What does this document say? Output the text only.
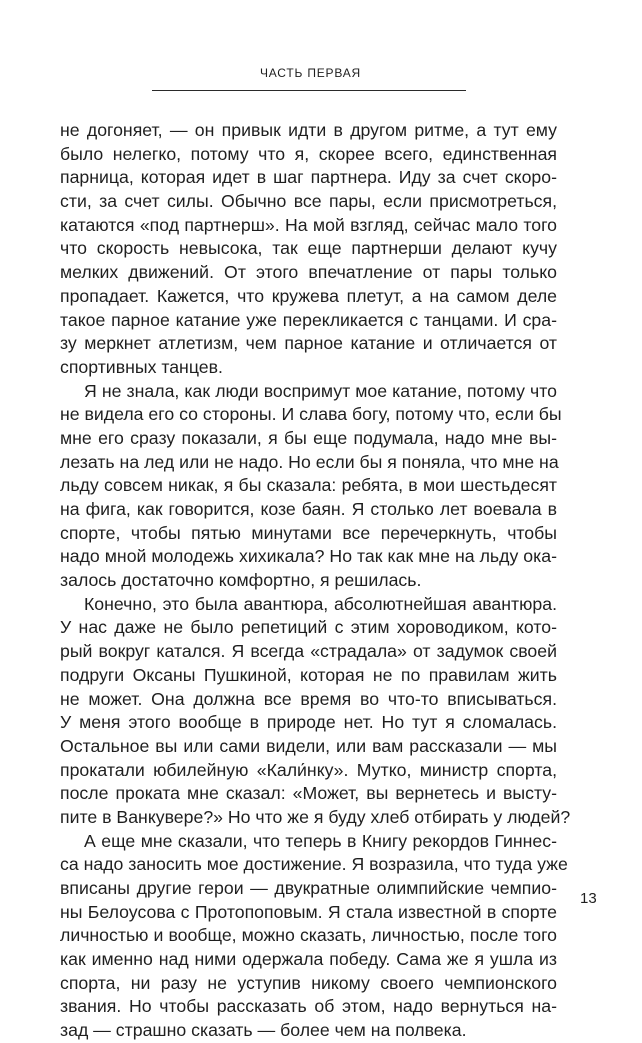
ЧАСТЬ ПЕРВАЯ
не догоняет, — он привык идти в другом ритме, а тут ему
было нелегко, потому что я, скорее всего, единственная
парница, которая идет в шаг партнера. Иду за счет скоро-
сти, за счет силы. Обычно все пары, если присмотреться,
катаются «под партнерш». На мой взгляд, сейчас мало того
что скорость невысока, так еще партнерши делают кучу
мелких движений. От этого впечатление от пары только
пропадает. Кажется, что кружева плетут, а на самом деле
такое парное катание уже перекликается с танцами. И сра-
зу меркнет атлетизм, чем парное катание и отличается от
спортивных танцев.
Я не знала, как люди воспримут мое катание, потому что
не видела его со стороны. И слава богу, потому что, если бы
мне его сразу показали, я бы еще подумала, надо мне вы-
лезать на лед или не надо. Но если бы я поняла, что мне на
льду совсем никак, я бы сказала: ребята, в мои шестьдесят
на фига, как говорится, козе баян. Я столько лет воевала в
спорте, чтобы пятью минутами все перечеркнуть, чтобы
надо мной молодежь хихикала? Но так как мне на льду ока-
залось достаточно комфортно, я решилась.
Конечно, это была авантюра, абсолютнейшая авантюра.
У нас даже не было репетиций с этим хороводиком, кото-
рый вокруг катался. Я всегда «страдала» от задумок своей
подруги Оксаны Пушкиной, которая не по правилам жить
не может. Она должна все время во что-то вписываться.
У меня этого вообще в природе нет. Но тут я сломалась.
Остальное вы или сами видели, или вам рассказали — мы
прокатали юбилейную «Кали́нку». Мутко, министр спорта,
после проката мне сказал: «Может, вы вернетесь и высту-
пите в Ванкувере?» Но что же я буду хлеб отбирать у людей?
А еще мне сказали, что теперь в Книгу рекордов Гиннес-
са надо заносить мое достижение. Я возразила, что туда уже
вписаны другие герои — двукратные олимпийские чемпио-
ны Белоусова с Протопоповым. Я стала известной в спорте
личностью и вообще, можно сказать, личностью, после того
как именно над ними одержала победу. Сама же я ушла из
спорта, ни разу не уступив никому своего чемпионского
звания. Но чтобы рассказать об этом, надо вернуться на-
зад — страшно сказать — более чем на полвека.
13
